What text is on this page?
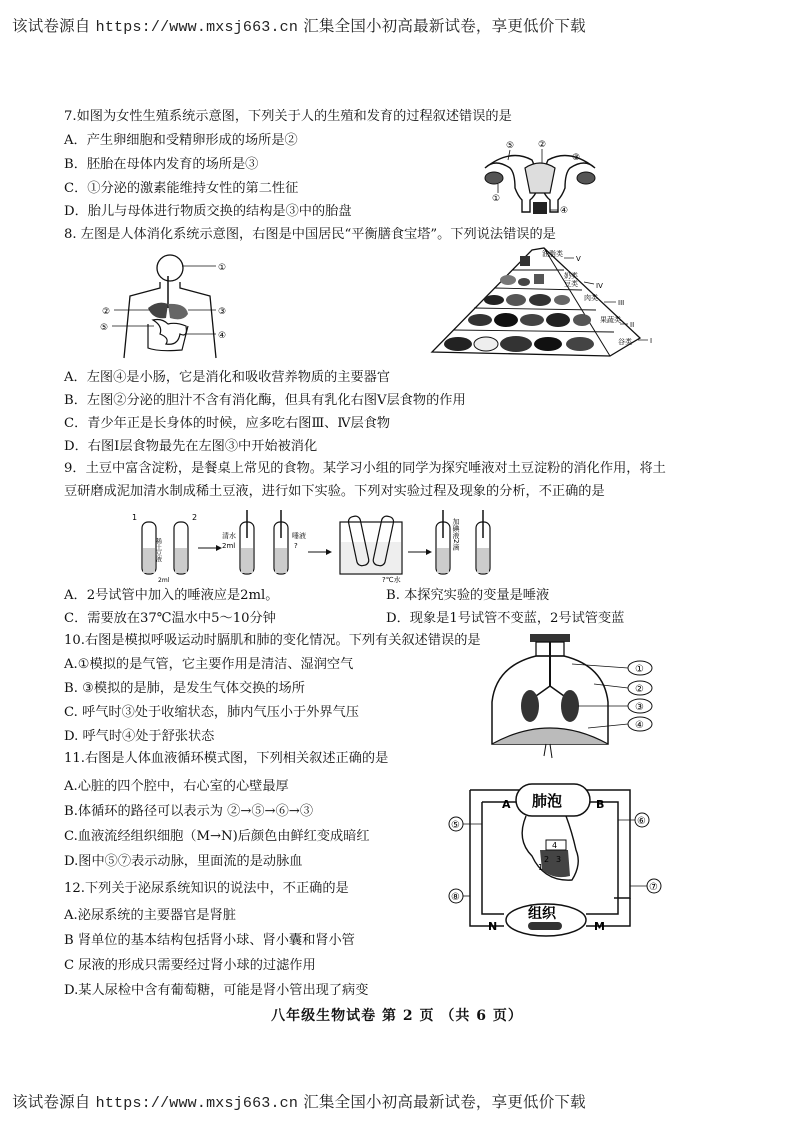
该试卷源自 https://www.mxsj663.cn 汇集全国小初高最新试卷，享更低价下载
7.如图为女性生殖系统示意图，下列关于人的生殖和发育的过程叙述错误的是
A．产生卵细胞和受精卵形成的场所是②
B．胚胎在母体内发育的场所是③
C．①分泌的激素能维持女性的第二性征
D．胎儿与母体进行物质交换的结构是③中的胎盘
⑤	②
③
①
④
8. 左图是人体消化系统示意图，右图是中国居民“平衡膳食宝塔”。下列说法错误的是
①
②	③
④
⑤
油脂类
奶类
豆类
肉类
果蔬类
谷类
V
IV
III
II
I
A．左图④是小肠，它是消化和吸收营养物质的主要器官
B．左图②分泌的胆汁不含有消化酶，但具有乳化右图Ⅴ层食物的作用
C．青少年正是长身体的时候，应多吃右图Ⅲ、Ⅳ层食物
D．右图Ⅰ层食物最先在左图③中开始被消化
9．土豆中富含淀粉，是餐桌上常见的食物。某学习小组的同学为探究唾液对土豆淀粉的消化作用，将土
豆研磨成泥加清水制成稀土豆液，进行如下实验。下列对实验过程及现象的分析，不正确的是
1	2
稀土豆液
2ml
清水
2ml
唾液
?
?℃水
加碘液2滴
A．2号试管中加入的唾液应是2ml。	B. 本探究实验的变量是唾液
C．需要放在37℃温水中5～10分钟	D．现象是1号试管不变蓝，2号试管变蓝
10.右图是模拟呼吸运动时膈肌和肺的变化情况。下列有关叙述错误的是
A.①模拟的是气管，它主要作用是清洁、湿润空气
B. ③模拟的是肺，是发生气体交换的场所
C. 呼气时③处于收缩状态，肺内气压小于外界气压
D. 呼气时④处于舒张状态
①
②
③
④
11.右图是人体血液循环模式图，下列相关叙述正确的是
A.心脏的四个腔中，右心室的心壁最厚
B.体循环的路径可以表示为 ②→⑤→⑥→③
C.血液流经组织细胞（M→N)后颜色由鲜红变成暗红
D.图中⑤⑦表示动脉，里面流的是动脉血
肺泡
A	B
4
1
2 3
组织
N	M
⑤	⑥
⑧
⑦
12.下列关于泌尿系统知识的说法中，不正确的是
A.泌尿系统的主要器官是肾脏
B 肾单位的基本结构包括肾小球、肾小囊和肾小管
C 尿液的形成只需要经过肾小球的过滤作用
D.某人尿检中含有葡萄糖，可能是肾小管出现了病变
八年级生物试卷 第 2 页 （共 6 页）
该试卷源自 https://www.mxsj663.cn 汇集全国小初高最新试卷，享更低价下载
